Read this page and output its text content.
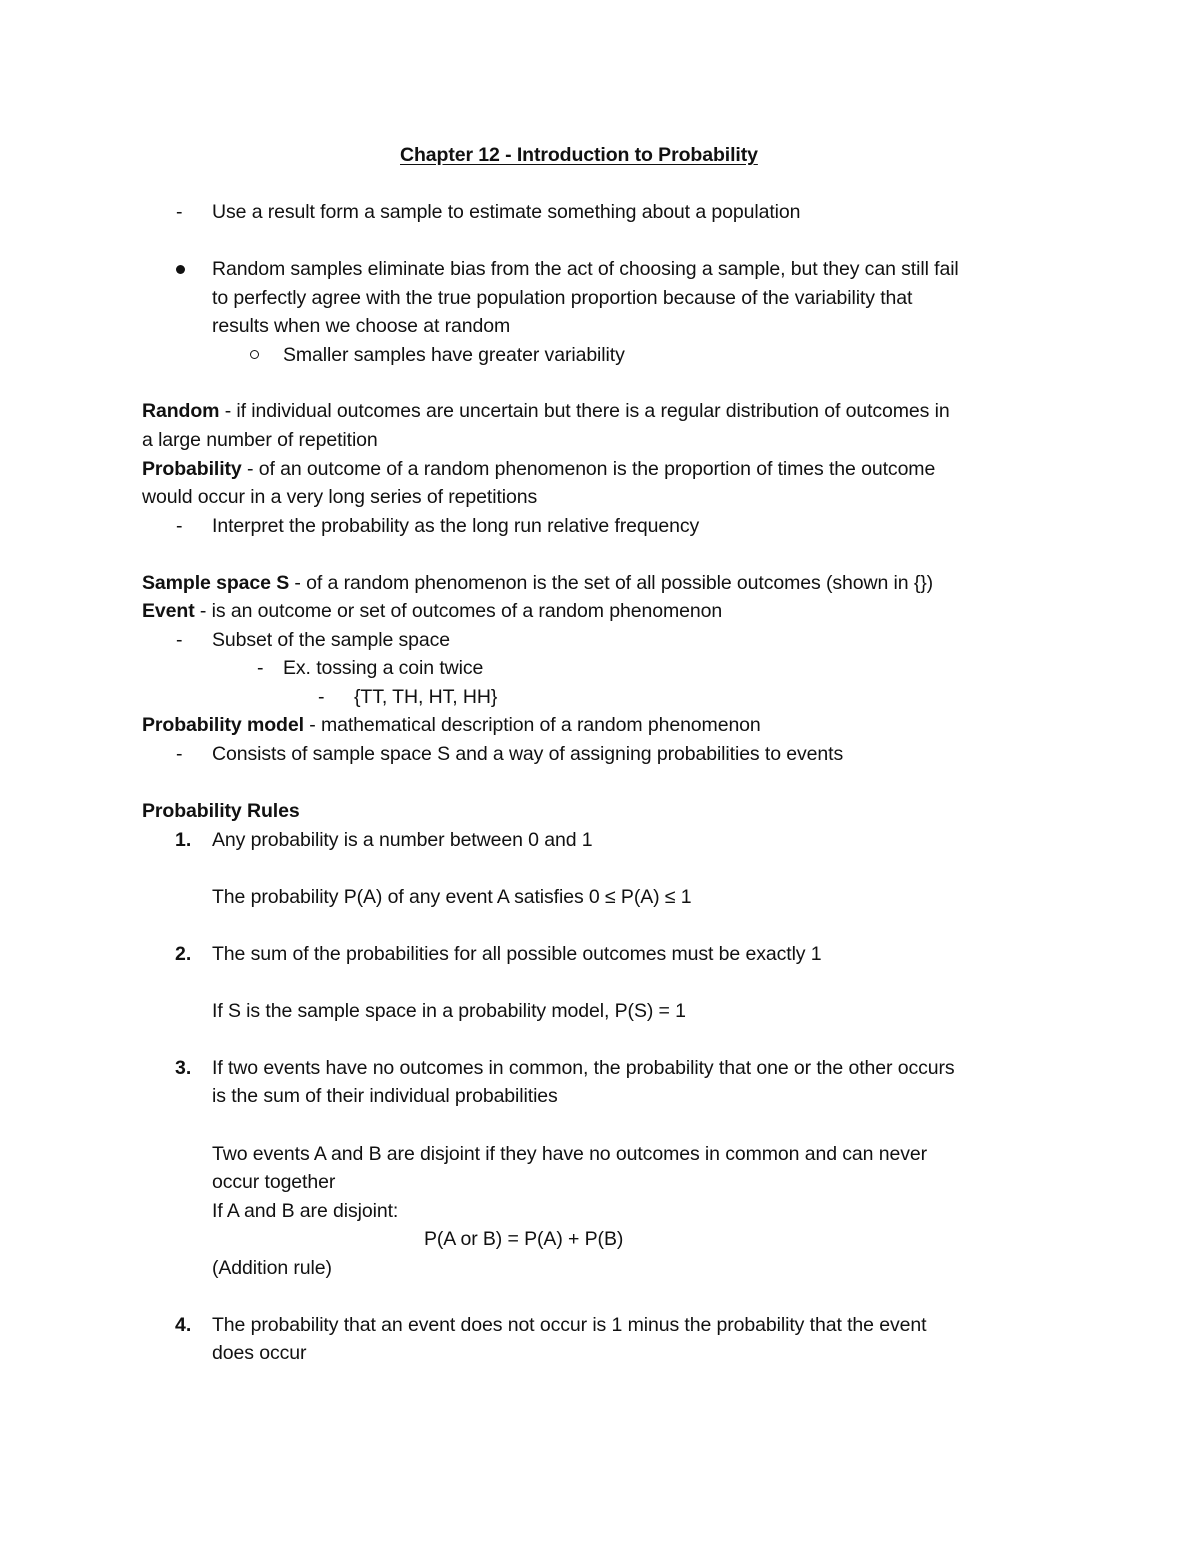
Chapter 12 - Introduction to Probability
- Use a result form a sample to estimate something about a population
Random samples eliminate bias from the act of choosing a sample, but they can still fail
to perfectly agree with the true population proportion because of the variability that
results when we choose at random
Smaller samples have greater variability
Random - if individual outcomes are uncertain but there is a regular distribution of outcomes in
a large number of repetition
Probability - of an outcome of a random phenomenon is the proportion of times the outcome
would occur in a very long series of repetitions
- Interpret the probability as the long run relative frequency
Sample space S - of a random phenomenon is the set of all possible outcomes (shown in {})
Event - is an outcome or set of outcomes of a random phenomenon
- Subset of the sample space
- Ex. tossing a coin twice
- {TT, TH, HT, HH}
Probability model - mathematical description of a random phenomenon
- Consists of sample space S and a way of assigning probabilities to events
Probability Rules
1. Any probability is a number between 0 and 1
The probability P(A) of any event A satisfies 0 ≤ P(A) ≤ 1
2. The sum of the probabilities for all possible outcomes must be exactly 1
If S is the sample space in a probability model, P(S) = 1
3. If two events have no outcomes in common, the probability that one or the other occurs
is the sum of their individual probabilities
Two events A and B are disjoint if they have no outcomes in common and can never
occur together
If A and B are disjoint:
P(A or B) = P(A) + P(B)
(Addition rule)
4. The probability that an event does not occur is 1 minus the probability that the event
does occur
